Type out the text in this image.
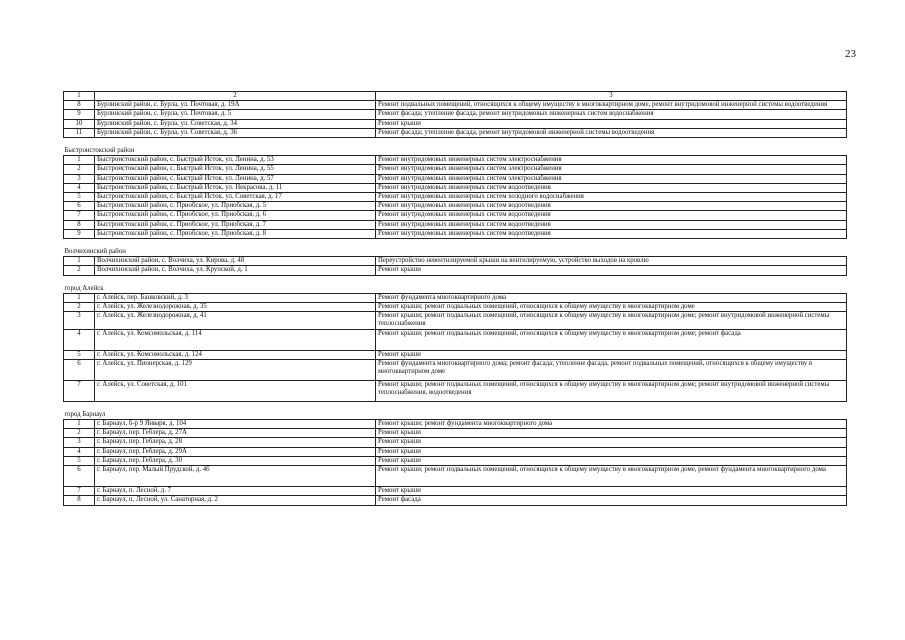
23
1	2	3
8	Бурлинский район, с. Бурла, ул. Почтовая, д. 19А	Ремонт подвальных помещений, относящихся к общему имуществу в многоквартирном доме, ремонт внутридомовой инженерной системы водоотведения
9	Бурлинский район, с. Бурла, ул. Почтовая, д. 5	Ремонт фасада; утепление фасада, ремонт внутридомовых инженерных систем водоснабжения
10	Бурлинский район, с. Бурла, ул. Советская, д. 34	Ремонт крыши
11	Бурлинский район, с. Бурла, ул. Советская, д. 36	Ремонт фасада; утепление фасада, ремонт внутридомовой инженерной системы водоотведения

Быстроистокский район		
1	Быстроистокский район, с. Быстрый Исток, ул. Ленина, д. 53	Ремонт внутридомовых инженерных систем электроснабжения
2	Быстроистокский район, с. Быстрый Исток, ул. Ленина, д. 55	Ремонт внутридомовых инженерных систем электроснабжения
3	Быстроистокский район, с. Быстрый Исток, ул. Ленина, д. 57	Ремонт внутридомовых инженерных систем электроснабжения
4	Быстроистокский район, с. Быстрый Исток, ул. Некрасова, д. 11	Ремонт внутридомовых инженерных систем водоотведения
5	Быстроистокский район, с. Быстрый Исток, ул. Советская, д. 17	Ремонт внутридомовых инженерных систем холодного водоснабжения
6	Быстроистокский район, с. Приобское, ул. Приобская, д. 5	Ремонт внутридомовых инженерных систем водоотведения
7	Быстроистокский район, с. Приобское, ул. Приобская, д. 6	Ремонт внутридомовых инженерных систем водоотведения
8	Быстроистокский район, с. Приобское, ул. Приобская, д. 7	Ремонт внутридомовых инженерных систем водоотведения
9	Быстроистокский район, с. Приобское, ул. Приобская, д. 8	Ремонт внутридомовых инженерных систем водоотведения

Волчихинский район		
1	Волчихинский район, с. Волчиха, ул. Кирова, д. 48	Переустройство невентилируемой крыши на вентилируемую, устройство выходов на кровлю
2	Волчихинский район, с. Волчиха, ул. Крупской, д. 1	Ремонт крыши

город Алейск		
1	г. Алейск, пер. Банковский, д. 3	Ремонт фундамента многоквартирного дома
2	г. Алейск, ул. Железнодорожная, д. 35	Ремонт крыши; ремонт подвальных помещений, относящихся к общему имуществу в многоквартирном доме
3	г. Алейск, ул. Железнодорожная, д. 41	Ремонт крыши; ремонт подвальных помещений, относящихся к общему имуществу в многоквартирном доме; ремонт внутридомовой инженерной системы теплоснабжения
4	г. Алейск, ул. Комсомольская, д. 114	Ремонт крыши; ремонт подвальных помещений, относящихся к общему имуществу в многоквартирном доме; ремонт фасада
5	г. Алейск, ул. Комсомольская, д. 124	Ремонт крыши
6	г. Алейск, ул. Пионерская, д. 129	Ремонт фундамента многоквартирного дома; ремонт фасада; утепление фасада, ремонт подвальных помещений, относящихся к общему имуществу в многоквартирном доме
7	г. Алейск, ул. Советская, д. 101	Ремонт крыши; ремонт подвальных помещений, относящихся к общему имуществу в многоквартирном доме; ремонт внутридомовой инженерной системы теплоснабжения, водоотведения

город Барнаул		
1	г. Барнаул, б-р 9 Января, д. 104	Ремонт крыши; ремонт фундамента многоквартирного дома
2	г. Барнаул, пер. Геблера, д. 27А	Ремонт крыши
3	г. Барнаул, пер. Геблера, д. 28	Ремонт крыши
4	г. Барнаул, пер. Геблера, д. 29А	Ремонт крыши
5	г. Барнаул, пер. Геблера, д. 30	Ремонт крыши
6	г. Барнаул, пер. Малый Прудской, д. 46	Ремонт крыши; ремонт подвальных помещений, относящихся к общему имуществу в многоквартирном доме, ремонт фундамента многоквартирного дома
7	г. Барнаул, п. Лесной, д. 7	Ремонт крыши
8	г. Барнаул, п. Лесной, ул. Санаторная, д. 2	Ремонт фасада
